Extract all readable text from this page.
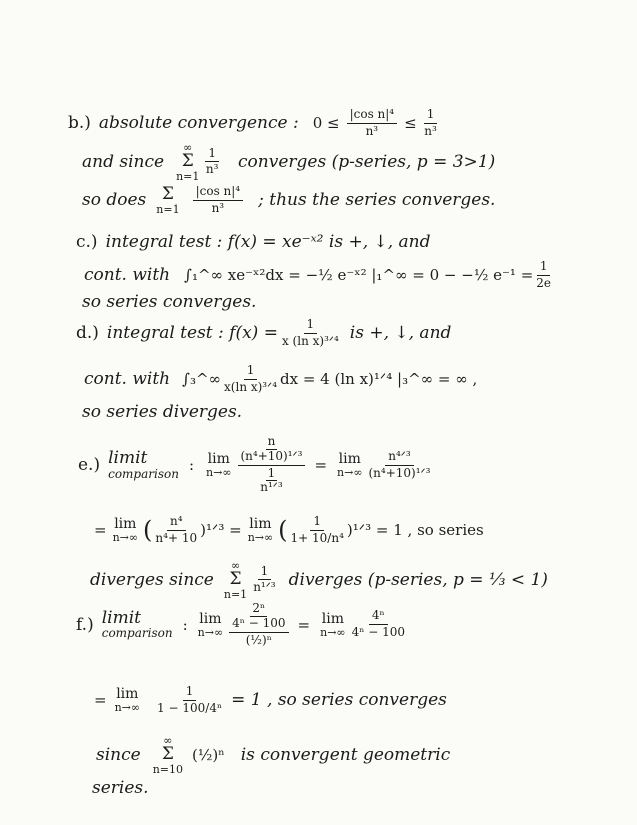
b.) absolute convergence : $0 \le \frac{\text{|cos n|⁴}}{\text{n³}} \le \frac{1}{\text{n³}}$
and since
∞
Σ
$n=1 \frac{1}{\text{n³}}$ converges (p-series, p = 3>1)
so does Σ
$n=1 \frac{\text{|cos n|⁴}}{\text{n³}}$ ; thus the series converges.
c.) integral test : f(x) = xe⁻ˣ² is +, ↓, and
cont. with ∫₁^∞ xe⁻ˣ²dx = −½ e⁻ˣ² |₁^∞ = 0 − −½ $e^{-1} = \frac{1}{2e}$
so series converges.
d.) integral test : $f(x) = \frac{1}{\text{x (ln x)³ᐟ⁴}}$ is +, ↓, and
cont. with ∫₃^∞ $\frac{1}{\text{x(ln x)³ᐟ⁴}}$ dx = 4 (ln x)¹ᐟ⁴ |₃^∞ = ∞ ,
so series diverges.
e.) limit
comparison : lim
n→∞ n
(n⁴+10)¹ᐟ³
1
n¹ᐟ³ = lim
$n\to\infty \frac{\text{n⁴ᐟ³}}{\text{(n⁴+10)¹ᐟ³}}$
= lim
n→∞ ( $\frac{\text{n⁴}}{\text{n⁴+ 10}}$ )¹ᐟ³ = lim
n→∞ ( $\frac{1}{\text{1+ 10/n⁴}}$ )¹ᐟ³ = 1 , so series
diverges since
∞
Σ
$n=1 \frac{1}{\text{n¹ᐟ³}}$ diverges (p-series, p = ⅓ < 1)
f.) limit
comparison : lim
n→∞ 2ⁿ
4ⁿ − 100
(½)ⁿ = lim
$n\to\infty \frac{\text{4ⁿ}}{\text{4ⁿ − 100}}$
= lim
$n\to\infty \frac{1}{\text{1 − 100/4ⁿ}} = 1$ , so series converges
since
∞
Σ
n=10
(½)ⁿ is convergent geometric
series.
